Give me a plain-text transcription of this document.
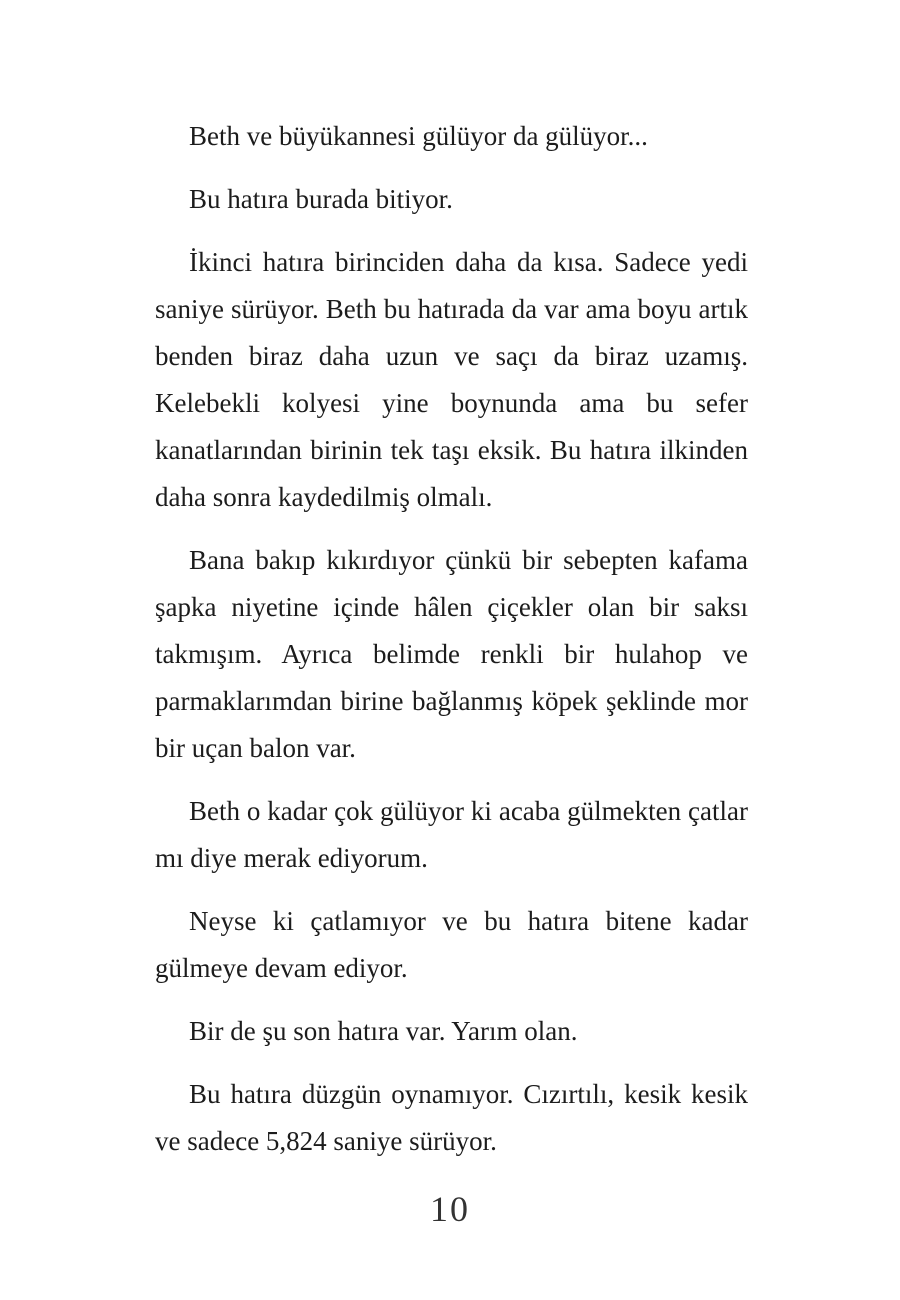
Beth ve büyükannesi gülüyor da gülüyor...

Bu hatıra burada bitiyor.

İkinci hatıra birinciden daha da kısa. Sadece yedi saniye sürüyor. Beth bu hatırada da var ama boyu artık benden biraz daha uzun ve saçı da biraz uzamış. Kelebekli kolyesi yine boynunda ama bu sefer kanatlarından birinin tek taşı eksik. Bu hatıra ilkinden daha sonra kaydedilmiş olmalı.

Bana bakıp kıkırdıyor çünkü bir sebepten kafama şapka niyetine içinde hâlen çiçekler olan bir saksı takmışım. Ayrıca belimde renkli bir hulahop ve parmaklarımdan birine bağlanmış köpek şeklinde mor bir uçan balon var.

Beth o kadar çok gülüyor ki acaba gülmekten çatlar mı diye merak ediyorum.

Neyse ki çatlamıyor ve bu hatıra bitene kadar gülmeye devam ediyor.

Bir de şu son hatıra var. Yarım olan.

Bu hatıra düzgün oynamıyor. Cızırtılı, kesik kesik ve sadece 5,824 saniye sürüyor.

10
